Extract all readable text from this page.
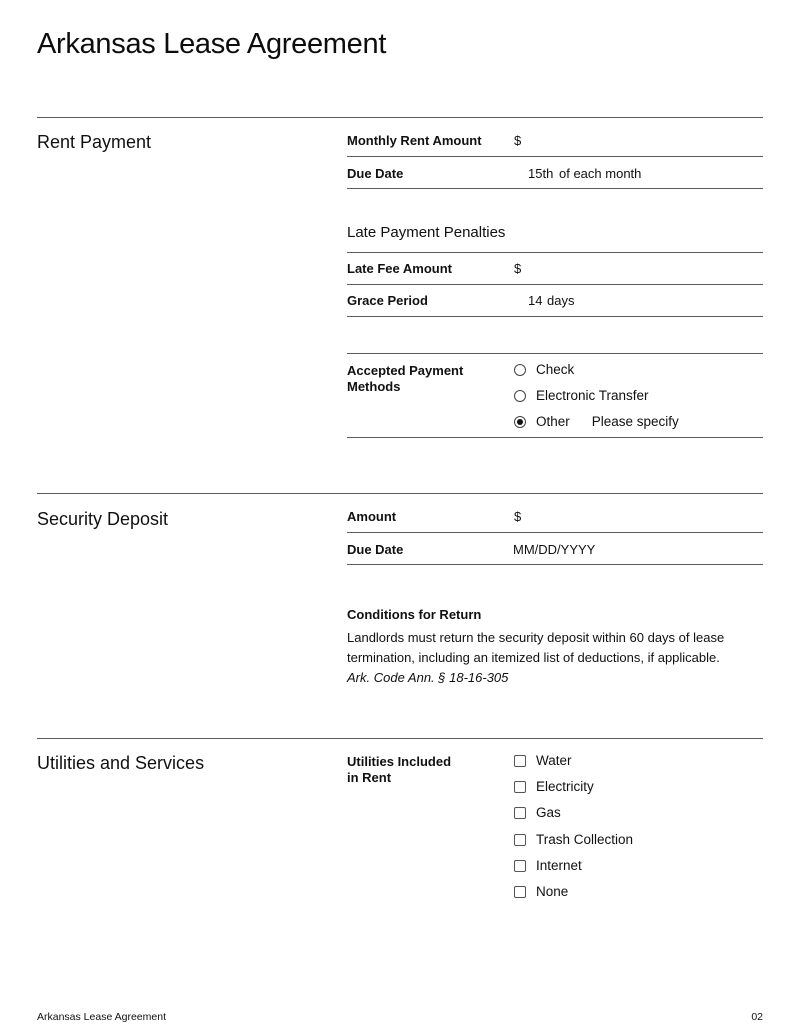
Arkansas Lease Agreement
Rent Payment	Monthly Rent Amount $
Due Date	15th of each month
Late Payment Penalties
Late Fee Amount	$
Grace Period	14 days
Accepted Payment
Methods
Check
Electronic Transfer
Other Please specify
Security Deposit	Amount	$
Due Date	MM/DD/YYYY
Conditions for Return

Landlords must return the security deposit within 60 days of lease
termination, including an itemized list of deductions, if applicable.
Ark. Code Ann. § 18-16-305

Utilities and Services	Utilities Included
in Rent
Water
Electricity
Gas
Trash Collection
Internet
None
Arkansas Lease Agreement	02
